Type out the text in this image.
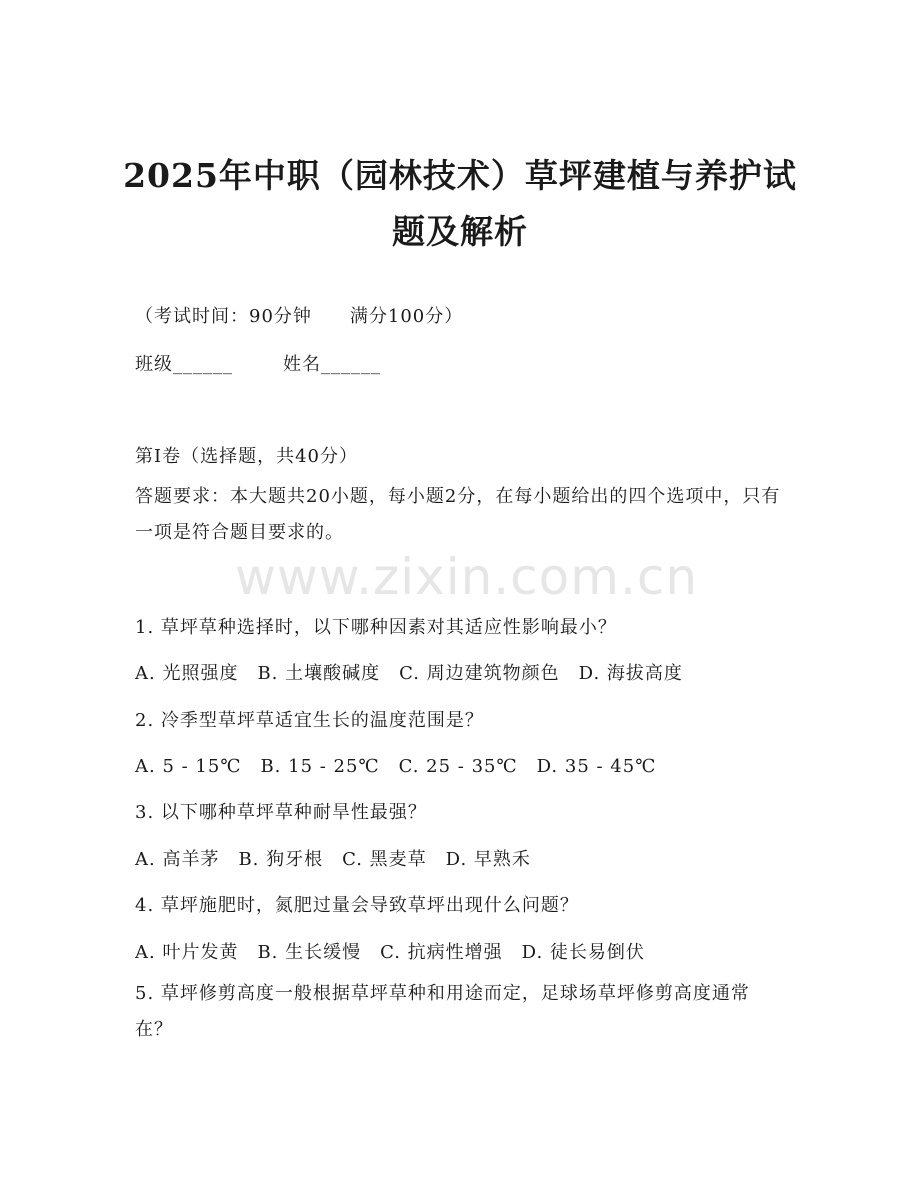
www.zixin.com.cn
2025年中职（园林技术）草坪建植与养护试题及解析
（考试时间：90分钟　　满分100分）
班级______	姓名______
第Ⅰ卷（选择题，共40分）
答题要求：本大题共20小题，每小题2分，在每小题给出的四个选项中，只有一项是符合题目要求的。
1. 草坪草种选择时，以下哪种因素对其适应性影响最小？
A. 光照强度　B. 土壤酸碱度　C. 周边建筑物颜色　D. 海拔高度
2. 冷季型草坪草适宜生长的温度范围是？
A. 5 - 15℃　B. 15 - 25℃　C. 25 - 35℃　D. 35 - 45℃
3. 以下哪种草坪草种耐旱性最强？
A. 高羊茅　B. 狗牙根　C. 黑麦草　D. 早熟禾
4. 草坪施肥时，氮肥过量会导致草坪出现什么问题？
A. 叶片发黄　B. 生长缓慢　C. 抗病性增强　D. 徒长易倒伏
5. 草坪修剪高度一般根据草坪草种和用途而定，足球场草坪修剪高度通常在？
